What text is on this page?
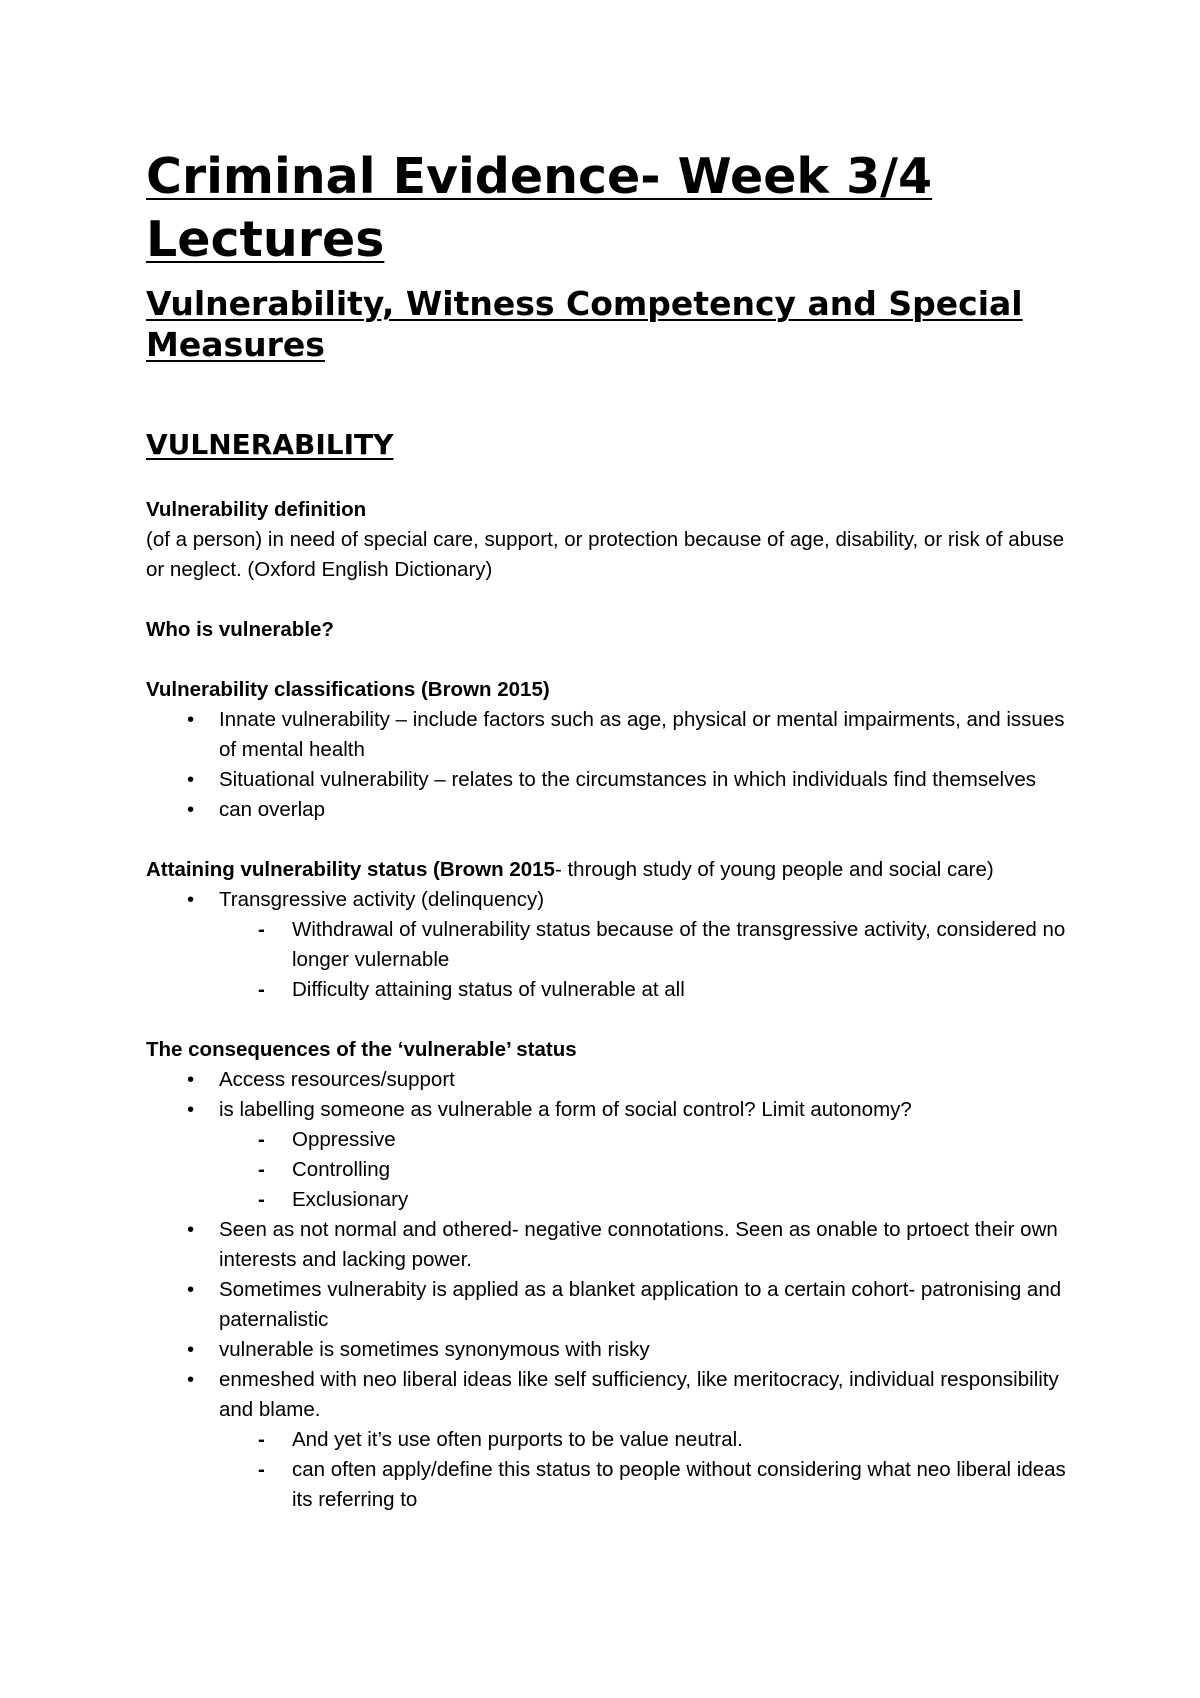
Criminal Evidence- Week 3/4 Lectures
Vulnerability, Witness Competency and Special Measures
VULNERABILITY

Vulnerability definition

(of a person) in need of special care, support, or protection because of age, disability, or risk of abuse or neglect. (Oxford English Dictionary)

Who is vulnerable?

Vulnerability classifications (Brown 2015)

• Innate vulnerability – include factors such as age, physical or mental impairments, and issues of mental health
• Situational vulnerability – relates to the circumstances in which individuals find themselves
• can overlap

Attaining vulnerability status (Brown 2015- through study of young people and social care)

• Transgressive activity (delinquency)
- Withdrawal of vulnerability status because of the transgressive activity, considered no longer vulernable
- Difficulty attaining status of vulnerable at all

The consequences of the ‘vulnerable’ status

• Access resources/support
• is labelling someone as vulnerable a form of social control? Limit autonomy?
- Oppressive
- Controlling
- Exclusionary
• Seen as not normal and othered- negative connotations. Seen as onable to prtoect their own interests and lacking power.
• Sometimes vulnerabity is applied as a blanket application to a certain cohort- patronising and paternalistic
• vulnerable is sometimes synonymous with risky
• enmeshed with neo liberal ideas like self sufficiency, like meritocracy, individual responsibility and blame.
- And yet it’s use often purports to be value neutral.
- can often apply/define this status to people without considering what neo liberal ideas its referring to
